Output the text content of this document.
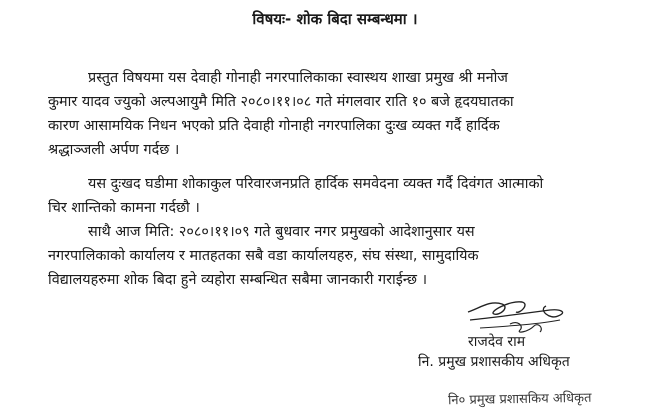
विषयः- शोक बिदा सम्बन्धमा ।
प्रस्तुत विषयमा यस देवाही गोनाही नगरपालिकाका स्वास्थय शाखा प्रमुख श्री मनोज
कुमार यादव ज्युको अल्पआयुमै मिति २०८०।११।०८ गते मंगलवार राति १० बजे हृदयघातका
कारण आसामयिक निधन भएको प्रति देवाही गोनाही नगरपालिका दुःख व्यक्त गर्दै हार्दिक
श्रद्धाञ्जली अर्पण गर्दछ ।
यस दुःखद घडीमा शोकाकुल परिवारजनप्रति हार्दिक समवेदना व्यक्त गर्दै दिवंगत आत्माको
चिर शान्तिको कामना गर्दछौ ।
साथै आज मिति: २०८०।११।०९ गते बुधवार नगर प्रमुखको आदेशानुसार यस
नगरपालिकाको कार्यालय र मातहतका सबै वडा कार्यालयहरु, संघ संस्था, सामुदायिक
विद्यालयहरुमा शोक बिदा हुने व्यहोरा सम्बन्धित सबैमा जानकारी गराईन्छ ।
राजदेव राम
नि. प्रमुख प्रशासकीय अधिकृत
नि० प्रमुख प्रशासकिय अधिकृत
